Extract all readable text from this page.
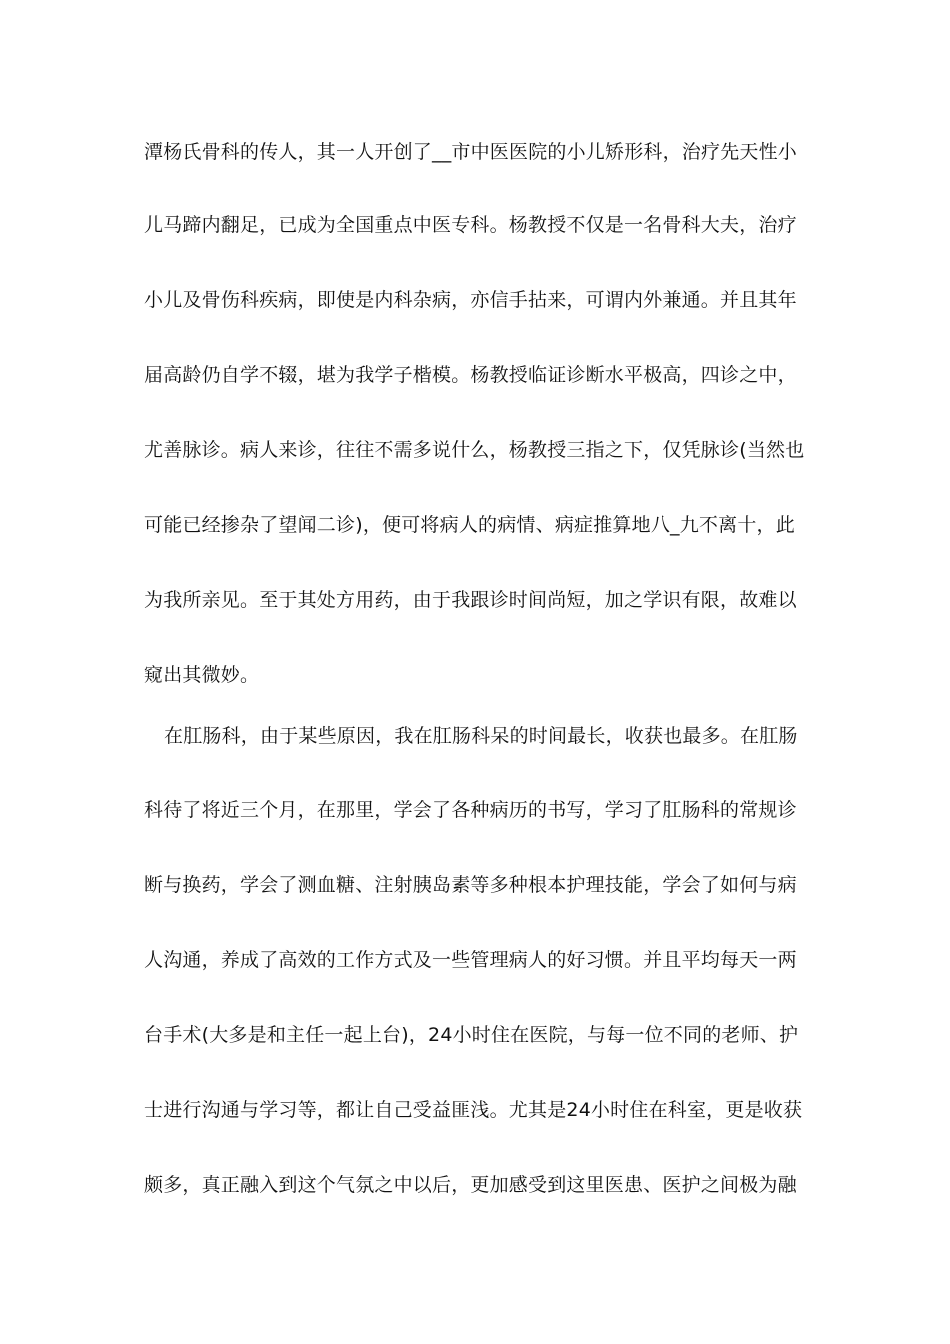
潭杨氏骨科的传人，其一人开创了__市中医医院的小儿矫形科，治疗先天性小
儿马蹄内翻足，已成为全国重点中医专科。杨教授不仅是一名骨科大夫，治疗
小儿及骨伤科疾病，即使是内科杂病，亦信手拈来，可谓内外兼通。并且其年
届高龄仍自学不辍，堪为我学子楷模。杨教授临证诊断水平极高，四诊之中，
尤善脉诊。病人来诊，往往不需多说什么，杨教授三指之下，仅凭脉诊(当然也
可能已经掺杂了望闻二诊)，便可将病人的病情、病症推算地八_九不离十，此
为我所亲见。至于其处方用药，由于我跟诊时间尚短，加之学识有限，故难以
窥出其微妙。
在肛肠科，由于某些原因，我在肛肠科呆的时间最长，收获也最多。在肛肠
科待了将近三个月，在那里，学会了各种病历的书写，学习了肛肠科的常规诊
断与换药，学会了测血糖、注射胰岛素等多种根本护理技能，学会了如何与病
人沟通，养成了高效的工作方式及一些管理病人的好习惯。并且平均每天一两
台手术(大多是和主任一起上台)，24小时住在医院，与每一位不同的老师、护
士进行沟通与学习等，都让自己受益匪浅。尤其是24小时住在科室，更是收获
颇多，真正融入到这个气氛之中以后，更加感受到这里医患、医护之间极为融
